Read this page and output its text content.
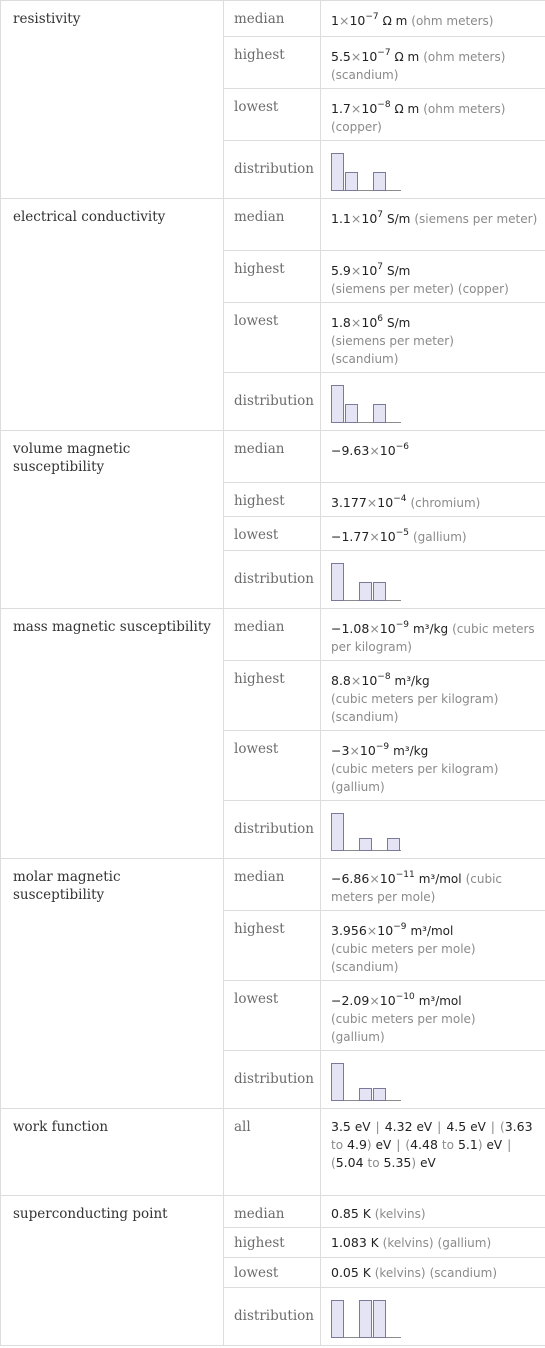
resistivity	median	$1\times 10^{-7}$ Ω m (ohm meters)
	highest	$5.5\times 10^{-7}$ Ω m (ohm meters) (scandium)
	lowest	$1.7\times 10^{-8}$ Ω m (ohm meters) (copper)
	distribution	

electrical conductivity	median	$1.1\times 10^7$ S/m (siemens per meter)
	highest	$5.9\times 10^7$ S/m
(siemens per meter) (copper)
	lowest	$1.8\times 10^6$ S/m
(siemens per meter)
(scandium)
	distribution	

volume magnetic susceptibility	median	$-9.63\times 10^{-6}$
	highest	$3.177\times 10^{-4}$ (chromium)
	lowest	$-1.77\times 10^{-5}$ (gallium)
	distribution	

mass magnetic susceptibility	median	$-1.08\times 10^{-9}$ m³/kg (cubic meters per kilogram)
	highest	$8.8\times 10^{-8}$ m³/kg
(cubic meters per kilogram)
(scandium)
	lowest	$-3\times 10^{-9}$ m³/kg
(cubic meters per kilogram)
(gallium)
	distribution	

molar magnetic susceptibility	median	$-6.86\times 10^{-11}$ m³/mol (cubic meters per mole)
	highest	$3.956\times 10^{-9}$ m³/mol
(cubic meters per mole)
(scandium)
	lowest	$-2.09\times 10^{-10}$ m³/mol
(cubic meters per mole)
(gallium)
	distribution	

work function	all	3.5 eV | 4.32 eV | 4.5 eV | (3.63 to 4.9) eV | (4.48 to 5.1) eV |(5.04 to 5.35) eV
superconducting point	median	0.85 K (kelvins)
	highest	1.083 K (kelvins) (gallium)
	lowest	0.05 K (kelvins) (scandium)
	distribution	
